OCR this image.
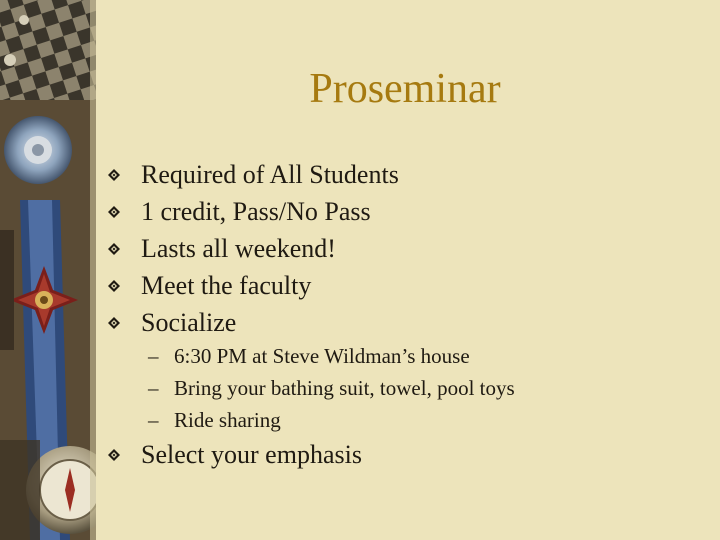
Proseminar
Required of All Students
1 credit, Pass/No Pass
Lasts all weekend!
Meet the faculty
Socialize
– 6:30 PM at Steve Wildman’s house
– Bring your bathing suit, towel, pool toys
– Ride sharing
Select your emphasis
